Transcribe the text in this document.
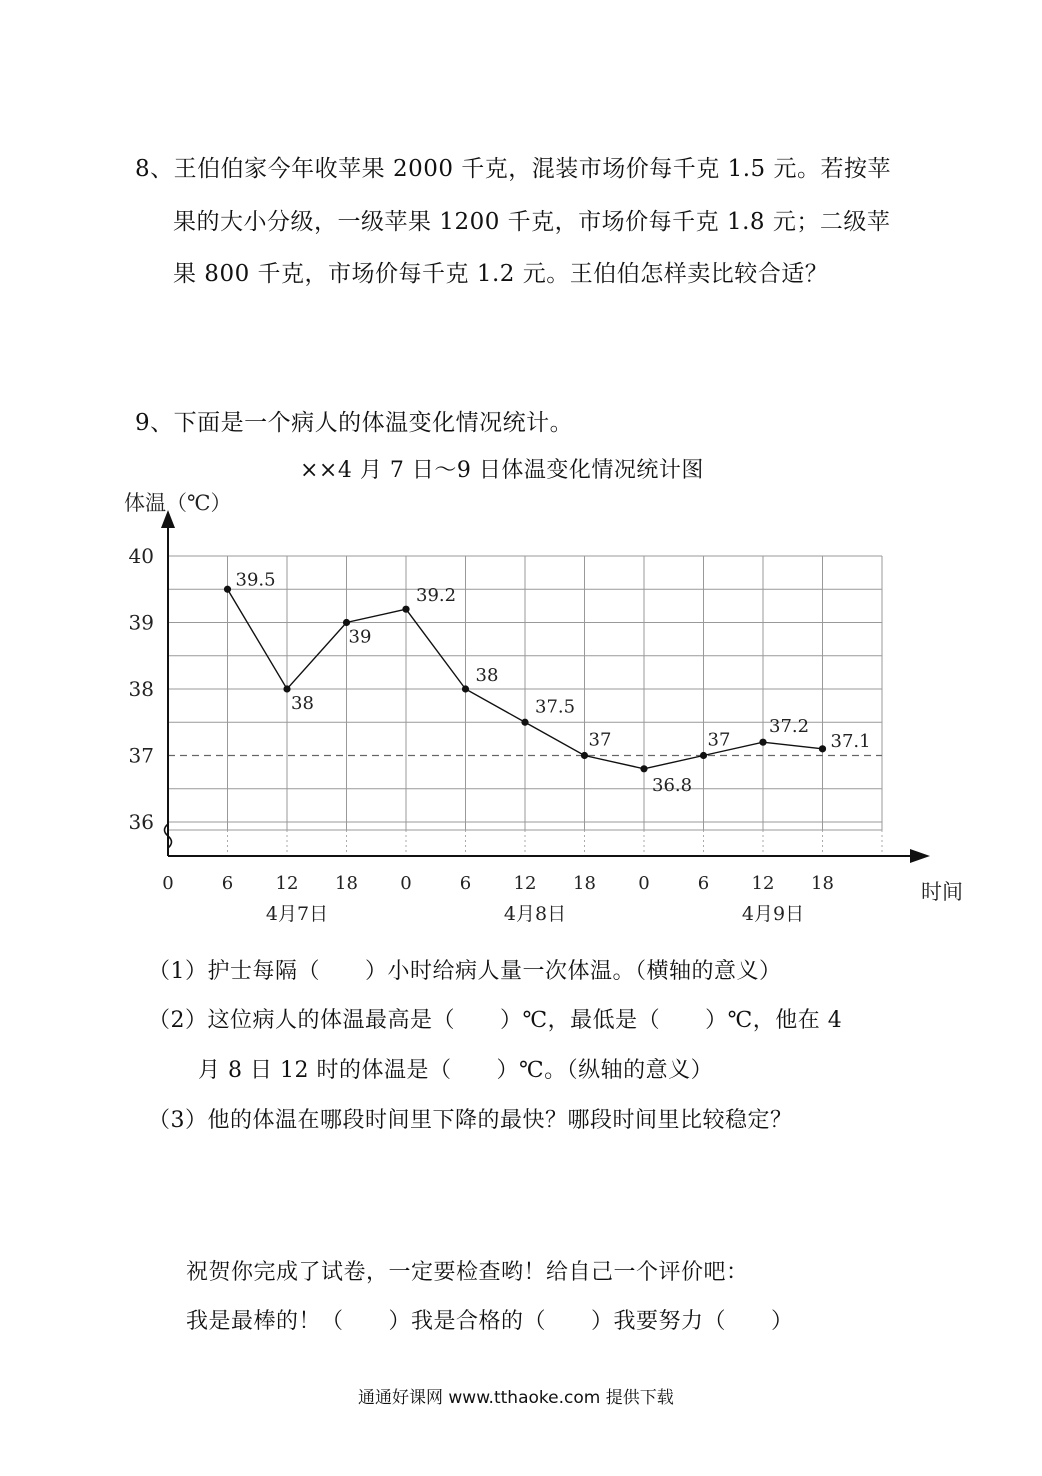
8、王伯伯家今年收苹果 2000 千克，混装市场价每千克 1.5 元。若按苹
果的大小分级，一级苹果 1200 千克，市场价每千克 1.8 元；二级苹
果 800 千克，市场价每千克 1.2 元。王伯伯怎样卖比较合适？
9、下面是一个病人的体温变化情况统计。
××4 月 7 日～9 日体温变化情况统计图
体温（℃）
时间
36
37
38
39
40
0	6 12 18 0	6 12 18 0	6 12 18
4月7日	4月8日	4月9日
39.5
38
39
39.2
38
37.5
37
36.8
37
37.2
37.1
（1）护士每隔（　　）小时给病人量一次体温。（横轴的意义）
（2）这位病人的体温最高是（　　）℃，最低是（　　）℃，他在 4
月 8 日 12 时的体温是（　　）℃。（纵轴的意义）
（3）他的体温在哪段时间里下降的最快？哪段时间里比较稳定？
祝贺你完成了试卷，一定要检查哟！给自己一个评价吧：
我是最棒的！（　　）我是合格的（　　）我要努力（　　）
通通好课网 www.tthaoke.com 提供下载
